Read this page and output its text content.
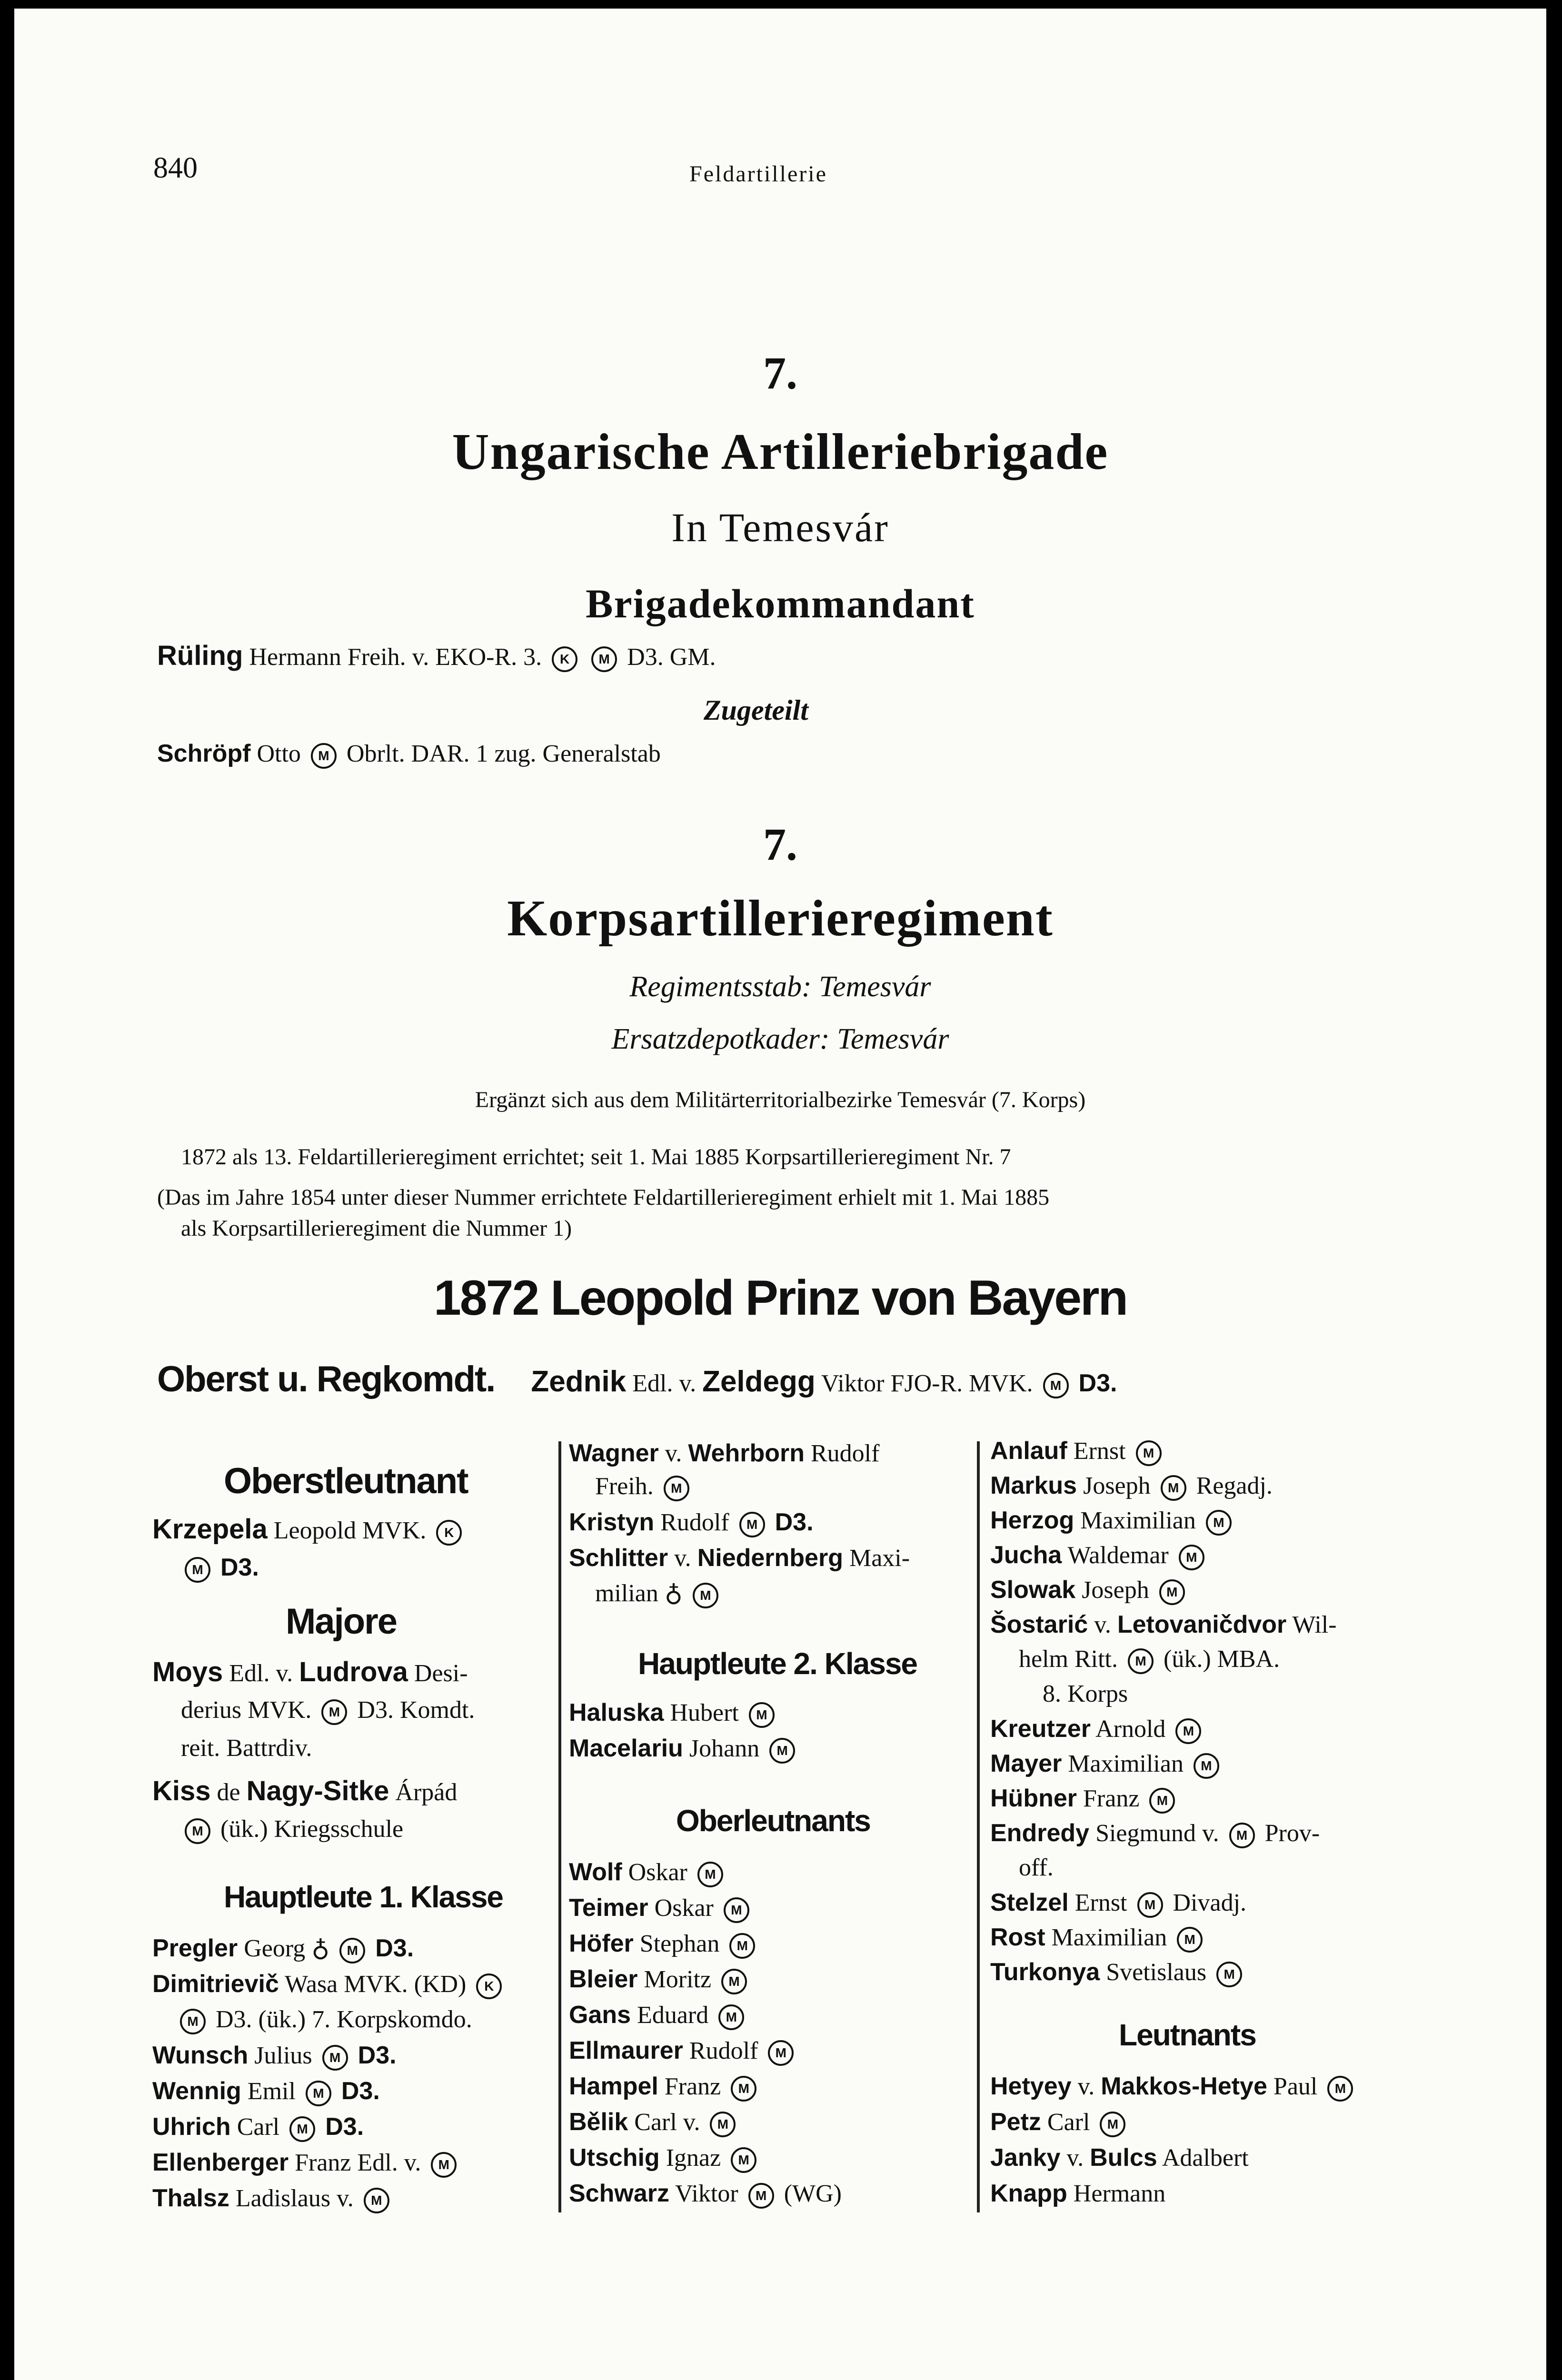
840	Feldartillerie
7.
Ungarische Artilleriebrigade
In Temesvár
Brigadekommandant
Rüling Hermann Freih. v. EKO-R. 3. K M D3. GM.
Zugeteilt
Schröpf Otto M Obrlt. DAR. 1 zug. Generalstab
7.
Korpsartillerieregiment
Regimentsstab: Temesvár
Ersatzdepotkader: Temesvár
Ergänzt sich aus dem Militärterritorialbezirke Temesvár (7. Korps)
1872 als 13. Feldartillerieregiment errichtet; seit 1. Mai 1885 Korpsartillerieregiment Nr. 7
(Das im Jahre 1854 unter dieser Nummer errichtete Feldartillerieregiment erhielt mit 1. Mai 1885
als Korpsartillerieregiment die Nummer 1)
1872 Leopold Prinz von Bayern
Oberst u. Regkomdt. Zednik Edl. v. Zeldegg Viktor FJO-R. MVK. M D3.
Oberstleutnant
Krzepela Leopold MVK. K
M D3.
Majore
Moys Edl. v. Ludrova Desi-
derius MVK. M D3. Komdt.
reit. Battrdiv.
Kiss de Nagy-Sitke Árpád
M (ük.) Kriegsschule
Hauptleute 1. Klasse
Pregler Georg ♁ M D3.
Dimitrievič Wasa MVK. (KD) K
M D3. (ük.) 7. Korpskomdo.
Wunsch Julius M D3.
Wennig Emil M D3.
Uhrich Carl M D3.
Ellenberger Franz Edl. v. M
Thalsz Ladislaus v. M
Wagner v. Wehrborn Rudolf
Freih. M
Kristyn Rudolf M D3.
Schlitter v. Niedernberg Maxi-
milian ♁ M
Hauptleute 2. Klasse
Haluska Hubert M
Macelariu Johann M
Oberleutnants
Wolf Oskar M
Teimer Oskar M
Höfer Stephan M
Bleier Moritz M
Gans Eduard M
Ellmaurer Rudolf M
Hampel Franz M
Bělik Carl v. M
Utschig Ignaz M
Schwarz Viktor M (WG)
Anlauf Ernst M
Markus Joseph M Regadj.
Herzog Maximilian M
Jucha Waldemar M
Slowak Joseph M
Šostarić v. Letovaničdvor Wil-
helm Ritt. M (ük.) MBA.
8. Korps
Kreutzer Arnold M
Mayer Maximilian M
Hübner Franz M
Endredy Siegmund v. M Prov-
off.
Stelzel Ernst M Divadj.
Rost Maximilian M
Turkonya Svetislaus M
Leutnants
Hetyey v. Makkos-Hetye Paul M
Petz Carl M
Janky v. Bulcs Adalbert
Knapp Hermann
